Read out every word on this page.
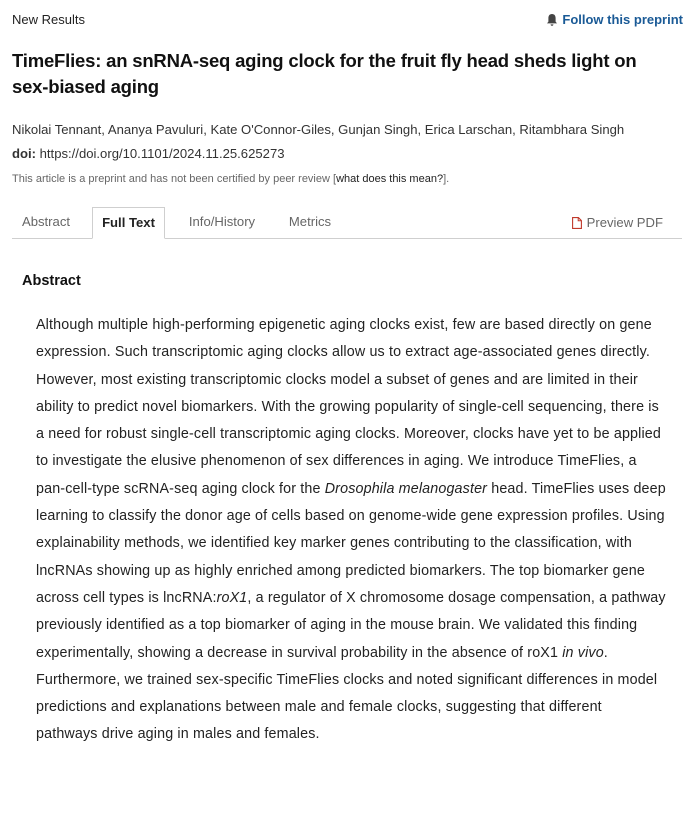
New Results	Follow this preprint
TimeFlies: an snRNA-seq aging clock for the fruit fly head sheds light on sex-biased aging
Nikolai Tennant, Ananya Pavuluri, Kate O'Connor-Giles, Gunjan Singh, Erica Larschan, Ritambhara Singh
doi: https://doi.org/10.1101/2024.11.25.625273
This article is a preprint and has not been certified by peer review [what does this mean?].
Abstract	Full Text	Info/History	Metrics	Preview PDF
Abstract
Although multiple high-performing epigenetic aging clocks exist, few are based directly on gene expression. Such transcriptomic aging clocks allow us to extract age-associated genes directly. However, most existing transcriptomic clocks model a subset of genes and are limited in their ability to predict novel biomarkers. With the growing popularity of single-cell sequencing, there is a need for robust single-cell transcriptomic aging clocks. Moreover, clocks have yet to be applied to investigate the elusive phenomenon of sex differences in aging. We introduce TimeFlies, a pan-cell-type scRNA-seq aging clock for the Drosophila melanogaster head. TimeFlies uses deep learning to classify the donor age of cells based on genome-wide gene expression profiles. Using explainability methods, we identified key marker genes contributing to the classification, with lncRNAs showing up as highly enriched among predicted biomarkers. The top biomarker gene across cell types is lncRNA:roX1, a regulator of X chromosome dosage compensation, a pathway previously identified as a top biomarker of aging in the mouse brain. We validated this finding experimentally, showing a decrease in survival probability in the absence of roX1 in vivo. Furthermore, we trained sex-specific TimeFlies clocks and noted significant differences in model predictions and explanations between male and female clocks, suggesting that different pathways drive aging in males and females.
